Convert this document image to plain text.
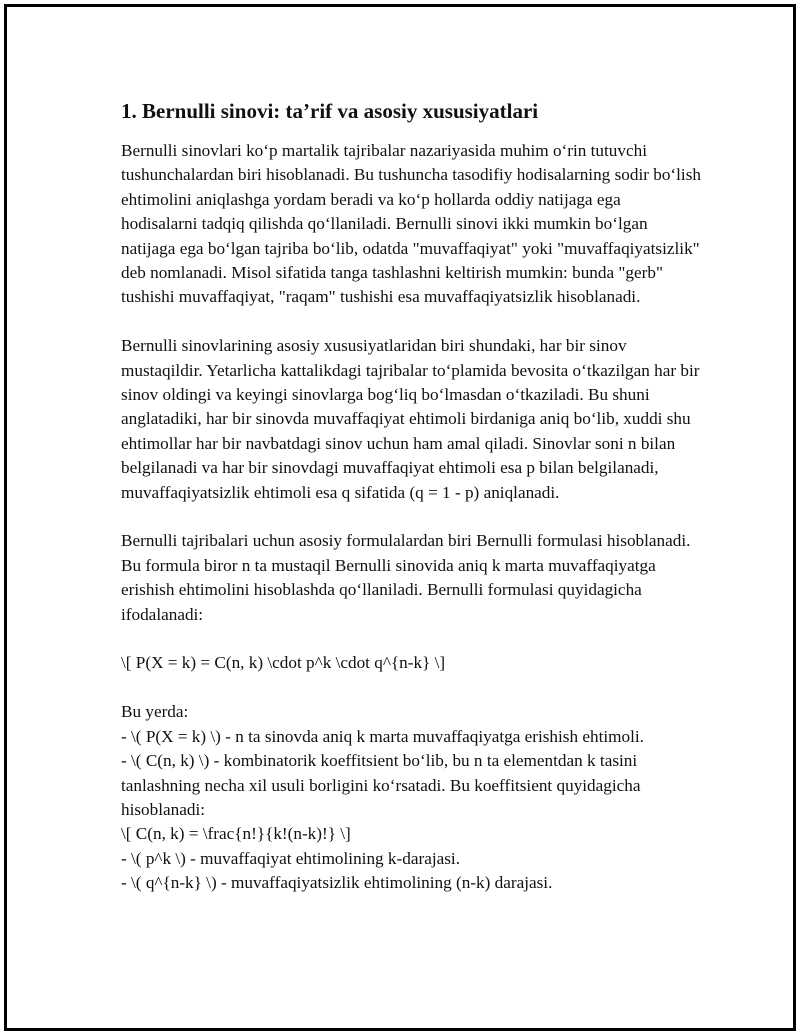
1. Bernulli sinovi: ta’rif va asosiy xususiyatlari

Bernulli sinovlari ko‘p martalik tajribalar nazariyasida muhim o‘rin tutuvchi tushunchalardan biri hisoblanadi. Bu tushuncha tasodifiy hodisalarning sodir bo‘lish ehtimolini aniqlashga yordam beradi va ko‘p hollarda oddiy natijaga ega hodisalarni tadqiq qilishda qo‘llaniladi. Bernulli sinovi ikki mumkin bo‘lgan natijaga ega bo‘lgan tajriba bo‘lib, odatda "muvaffaqiyat" yoki "muvaffaqiyatsizlik" deb nomlanadi. Misol sifatida tanga tashlashni keltirish mumkin: bunda "gerb" tushishi muvaffaqiyat, "raqam" tushishi esa muvaffaqiyatsizlik hisoblanadi.

Bernulli sinovlarining asosiy xususiyatlaridan biri shundaki, har bir sinov mustaqildir. Yetarlicha kattalikdagi tajribalar to‘plamida bevosita o‘tkazilgan har bir sinov oldingi va keyingi sinovlarga bog‘liq bo‘lmasdan o‘tkaziladi. Bu shuni anglatadiki, har bir sinovda muvaffaqiyat ehtimoli birdaniga aniq bo‘lib, xuddi shu ehtimollar har bir navbatdagi sinov uchun ham amal qiladi. Sinovlar soni n bilan belgilanadi va har bir sinovdagi muvaffaqiyat ehtimoli esa p bilan belgilanadi, muvaffaqiyatsizlik ehtimoli esa q sifatida (q = 1 - p) aniqlanadi.

Bernulli tajribalari uchun asosiy formulalardan biri Bernulli formulasi hisoblanadi. Bu formula biror n ta mustaqil Bernulli sinovida aniq k marta muvaffaqiyatga erishish ehtimolini hisoblashda qo‘llaniladi. Bernulli formulasi quyidagicha ifodalanadi:

\[ P(X = k) = C(n, k) \cdot p^k \cdot q^{n-k} \]

Bu yerda:

- \( P(X = k) \) - n ta sinovda aniq k marta muvaffaqiyatga erishish ehtimoli.

- \( C(n, k) \) - kombinatorik koeffitsient bo‘lib, bu n ta elementdan k tasini tanlashning necha xil usuli borligini ko‘rsatadi. Bu koeffitsient quyidagicha hisoblanadi:

\[ C(n, k) = \frac{n!}{k!(n-k)!} \]

- \( p^k \) - muvaffaqiyat ehtimolining k-darajasi.

- \( q^{n-k} \) - muvaffaqiyatsizlik ehtimolining (n-k) darajasi.
